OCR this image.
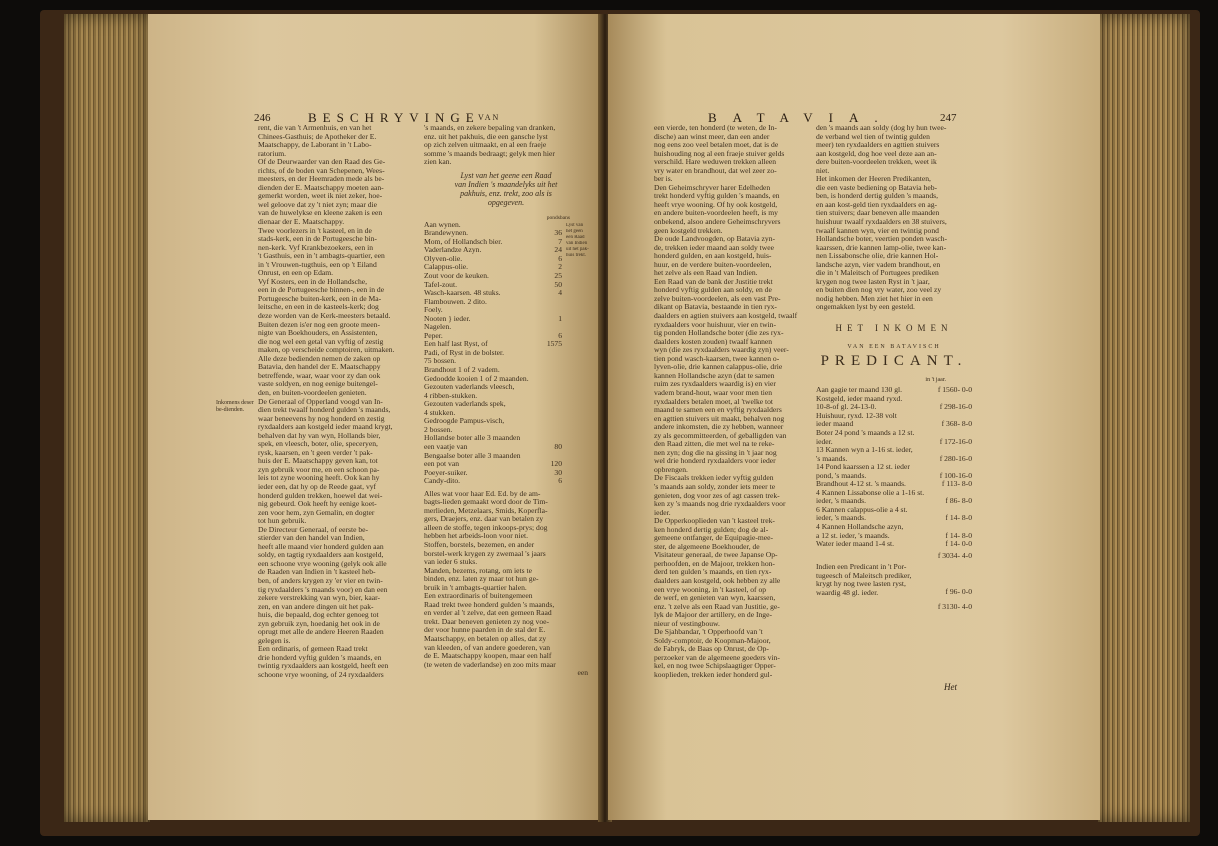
246	BESCHRYVINGE
VAN
Inkomens deser be-dienden.
rent, die van 't Armenhuis, en van het
Chinees-Gasthuis; de Apotheker der E.
Maatschappy, de Laborant in 't Labo-
ratorium.
Of de Deurwaarder van den Raad des Ge-
richts, of de boden van Schepenen, Wees-
meesters, en der Heemraden mede als be-
dienden der E. Maatschappy moeten aan-
gemerkt worden, weet ik niet zeker, hoe-
wel geloove dat zy 't niet zyn; maar die
van de huwelykse en kleene zaken is een
dienaar der E. Maatschappy.
Twee voorlezers in 't kasteel, en in de
stads-kerk, een in de Portugeesche bin-
nen-kerk. Vyf Krankbezoekers, een in
't Gasthuis, een in 't ambagts-quartier, een
in 't Vrouwen-tugthuis, een op 't Eiland
Onrust, en een op Edam.
Vyf Kosters, een in de Hollandsche,
een in de Portugeesche binnen-, een in de
Portugeesche buiten-kerk, een in de Ma-
leitsche, en een in de kasteels-kerk; dog
deze worden van de Kerk-meesters betaald.
Buiten dezen is'er nog een groote meen-
nigte van Boekhouders, en Assistenten,
die nog wel een getal van vyftig of zestig
maken, op verscheide comptoiren, uitmaken.
Alle deze bedienden nemen de zaken op
Batavia, den handel der E. Maatschappy
betreffende, waar, waar voor zy dan ook
vaste soldyen, en nog eenige buitengel-
den, en buiten-voordeelen genieten.
De Generaal of Opperland voogd van In-
dien trekt twaalf honderd gulden 's maands,
waar beneevens hy nog honderd en zestig
ryxdaalders aan kostgeld ieder maand krygt,
behalven dat hy van wyn, Hollands bier,
spek, en vleesch, boter, olie, speceryen,
rysk, kaarsen, en 't geen verder 't pak-
huis der E. Maatschappy geven kan, tot
zyn gebruik voor me, en een schoon pa-
leis tot zyne wooning heeft. Ook kan hy
ieder een, dat hy op de Reede gaat, vyf
honderd gulden trekken, hoewel dat wei-
nig gebeurd. Ook heeft hy eenige koet-
zen voor hem, zyn Gemalin, en dogter
tot hun gebruik.
De Directeur Generaal, of eerste be-
stierder van den handel van Indien,
heeft alle maand vier honderd gulden aan
soldy, en tagtig ryxdaalders aan kostgeld,
een schoone vrye wooning (gelyk ook alle
de Raaden van Indien in 't kasteel heb-
ben, of anders krygen zy 'er vier en twin-
tig ryxdaalders 's maands voor) en dan een
zekere verstrekking van wyn, bier, kaar-
zen, en van andere dingen uit het pak-
huis, die bepaald, dog echter genoeg tot
zyn gebruik zyn, hoedanig het ook in de
oprugt met alle de andere Heeren Raaden
gelegen is.
Een ordinaris, of gemeen Raad trekt
drie honderd vyftig gulden 's maands, en
twintig ryxdaalders aan kostgeld, heeft een
schoone vrye wooning, of 24 ryxdaalders
's maands, en zekere bepaling van dranken,
enz. uit het pakhuis, die een gansche lyst
op zich zelven uitmaakt, en al een fraeje
somme 's maands bedraagt; gelyk men hier
zien kan.
Lyst van het geene een Raad
van Indien 's maandelyks uit het
pakhuis, enz. trekt, zoo als is
opgegeven.
pondsbans
Aan wynen.
Brandewynen.	36
Mom, of Hollandsch bier.	7
Vaderlandze Azyn.	24
Olyven-olie.	6
Calappus-olie.	2
Zout voor de keuken.	25
Tafel-zout.	50
Wasch-kaarsen. 48 stuks.	4
Flambouwen. 2 dito.
Foely.
Nooten } ieder.	1
Nagelen.
Peper.	6
Een half last Ryst, of	1575
Padi, of Ryst in de bolster.
75 bossen.
Brandhout 1 of 2 vadem.
Gedoodde kooien 1 of 2 maanden.
Gezouten vaderlands vleesch,
4 ribben-stukken.
Gezouten vaderlands spek,
4 stukken.
Gedroogde Pampus-visch,
2 bossen.
Hollandse boter alle 3 maanden
een vaatje van	80
Bengaalse boter alle 3 maanden
een pot van	120
Poeyer-suiker.	30
Candy-dito.	6
Lyst van
het geen
een Raad
van Indien
uit het pak-
huis trekt.
Alles wat voor haar Ed. Ed. by de am-
bagts-lieden gemaakt word door de Tim-
merlieden, Metzelaars, Smids, Koperfla-
gers, Draejers, enz. daar van betalen zy
alleen de stoffe, tegen inkoops-prys; dog
hebben het arbeids-loon voor niet.
Stoffen, borstels, bezemen, en ander
borstel-werk krygen zy zwemaal 's jaars
van ieder 6 stuks.
Manden, bezems, rotang, om iets te
binden, enz. laten zy maar tot hun ge-
bruik in 't ambagts-quartier halen.
Een extraordinaris of buitengemeen
Raad trekt twee honderd gulden 's maands,
en verder al 't zelve, dat een gemeen Raad
trekt. Daar beneven genieten zy nog voe-
der voor hunne paarden in de stal der E.
Maatschappy, en betalen op alles, dat zy
van kleeden, of van andere goederen, van
de E. Maatschappy koopen, maar een half
(te weten de vaderlandse) en zoo mits maar
een
BATAVIA.	247
een vierde, ten honderd (te weten, de In-
dische) aan winst meer, dan een ander
nog eens zoo veel betalen moet, dat is de
huishouding nog al een fraeje stuiver gelds
verschild. Hare weduwen trekken alleen
vry water en brandhout, dat wel zeer zo-
ber is.
Den Geheimschryver harer Edelheden
trekt honderd vyftig gulden 's maands, en
heeft vrye wooning. Of hy ook kostgeld,
en andere buiten-voordeelen heeft, is my
onbekend, alsoo andere Geheimschryvers
geen kostgeld trekken.
De oude Landvoogden, op Batavia zyn-
de, trekken ieder maand aan soldy twee
honderd gulden, en aan kostgeld, huis-
huur, en de verdere buiten-voordeelen,
het zelve als een Raad van Indien.
Een Raad van de bank der Justitie trekt
honderd vyftig gulden aan soldy, en de
zelve buiten-voordeelen, als een vast Pre-
dikant op Batavia, bestaande in tien ryx-
daalders en agtien stuivers aan kostgeld, twaalf
ryxdaalders voor huishuur, vier en twin-
tig ponden Hollandsche boter (die zes ryx-
daalders kosten zouden) twaalf kannen
wyn (die zes ryxdaalders waardig zyn) veer-
tien pond wasch-kaarsen, twee kannen o-
lyven-olie, drie kannen calappus-olie, drie
kannen Hollandsche azyn (dat te samen
ruim zes ryxdaalders waardig is) en vier
vadem brand-hout, waar voor men tien
ryxdaalders betalen moet, al 'twelke tot
maand te samen een en vyftig ryxdaalders
en agttien stuivers uit maakt, behalven nog
andere inkomsten, die zy hebben, wanneer
zy als gecommitteerden, of geballigden van
den Raad zitten, die met wel na te reke-
nen zyn; dog die na gissing in 't jaar nog
wel drie honderd ryxdaalders voor ieder
opbrengen.
De Fiscaals trekken ieder vyftig gulden
's maands aan soldy, zonder iets meer te
genieten, dog voor zes of agt cassen trek-
ken zy 's maands nog drie ryxdaalders voor
ieder.
De Opperkooplieden van 't kasteel trek-
ken honderd dertig gulden; dog de al-
gemeene ontfanger, de Equipagie-mee-
ster, de algemeene Boekhouder, de
Visitateur generaal, de twee Japanse Op-
perhoofden, en de Majoor, trekken hon-
derd ten gulden 's maands, en tien ryx-
daalders aan kostgeld, ook hebben zy alle
een vrye wooning, in 't kasteel, of op
de werf, en genieten van wyn, kaarssen,
enz. 't zelve als een Raad van Justitie, ge-
lyk de Majoor der artillery, en de Inge-
nieur of vestingbouw.
De Sjahbandar, 't Opperhoofd van 't
Soldy-comptoir, de Koopman-Majoor,
de Fabryk, de Baas op Onrust, de Op-
perzoeker van de algemeene goeders vin-
kel, en nog twee Schipslaagtiger Opper-
kooplieden, trekken ieder honderd gul-
den 's maands aan soldy (dog hy hun twee-
de verband wel tien of twintig gulden
meer) ten ryxdaalders en agttien stuivers
aan kostgeld, dog hoe veel deze aan an-
dere buiten-voordeelen trekken, weet ik
niet.
Het inkomen der Heeren Predikanten,
die een vaste bediening op Batavia heb-
ben, is honderd dertig gulden 's maands,
en aan kost-geld tien ryxdaalders en ag-
tien stuivers; daar beneven alle maanden
huishuur twaalf ryxdaalders en 38 stuivers,
twaalf kannen wyn, vier en twintig pond
Hollandsche boter, veertien ponden wasch-
kaarssen, drie kannen lamp-olie, twee kan-
nen Lissabonsche olie, drie kannen Hol-
landsche azyn, vier vadem brandhout, en
die in 't Maleitsch of Portugees prediken
krygen nog twee lasten Ryst in 't jaar,
en buiten dien nog vry water, zoo veel zy
nodig hebben. Men ziet het hier in een
ongemakken lyst by een gesteld.
HET INKOMEN
VAN EEN BATAVISCH
PREDICANT.
in 't jaar.
Aan gagie ter maand 130 gl.	f 1560- 0-0
Kostgeld, ieder maand ryxd.
10-8-of gl. 24-13-0.	f 298-16-0
Huishuur, ryxd. 12-38 volt
ieder maand	f 368- 8-0
Boter 24 pond 's maands a 12 st.
ieder.	f 172-16-0
13 Kannen wyn a 1-16 st. ieder,
's maands.	f 280-16-0
14 Pond kaarssen a 12 st. ieder
pond, 's maands.	f 100-16-0
Brandhout 4-12 st. 's maands.	f 113- 8-0
4 Kannen Lissabonse olie a 1-16 st.
ieder, 's maands.	f 86- 8-0
6 Kannen calappus-olie a 4 st.
ieder, 's maands.	f 14- 8-0
4 Kannen Hollandsche azyn,
a 12 st. ieder, 's maands.	f 14- 8-0
Water ieder maand 1-4 st.	f 14- 0-0
f 3034- 4-0
Indien een Predicant in 't Por-
tugeesch of Maleitsch prediker,
krygt hy nog twee lasten ryst,
waardig 48 gl. ieder.	f 96- 0-0
f 3130- 4-0
Het
